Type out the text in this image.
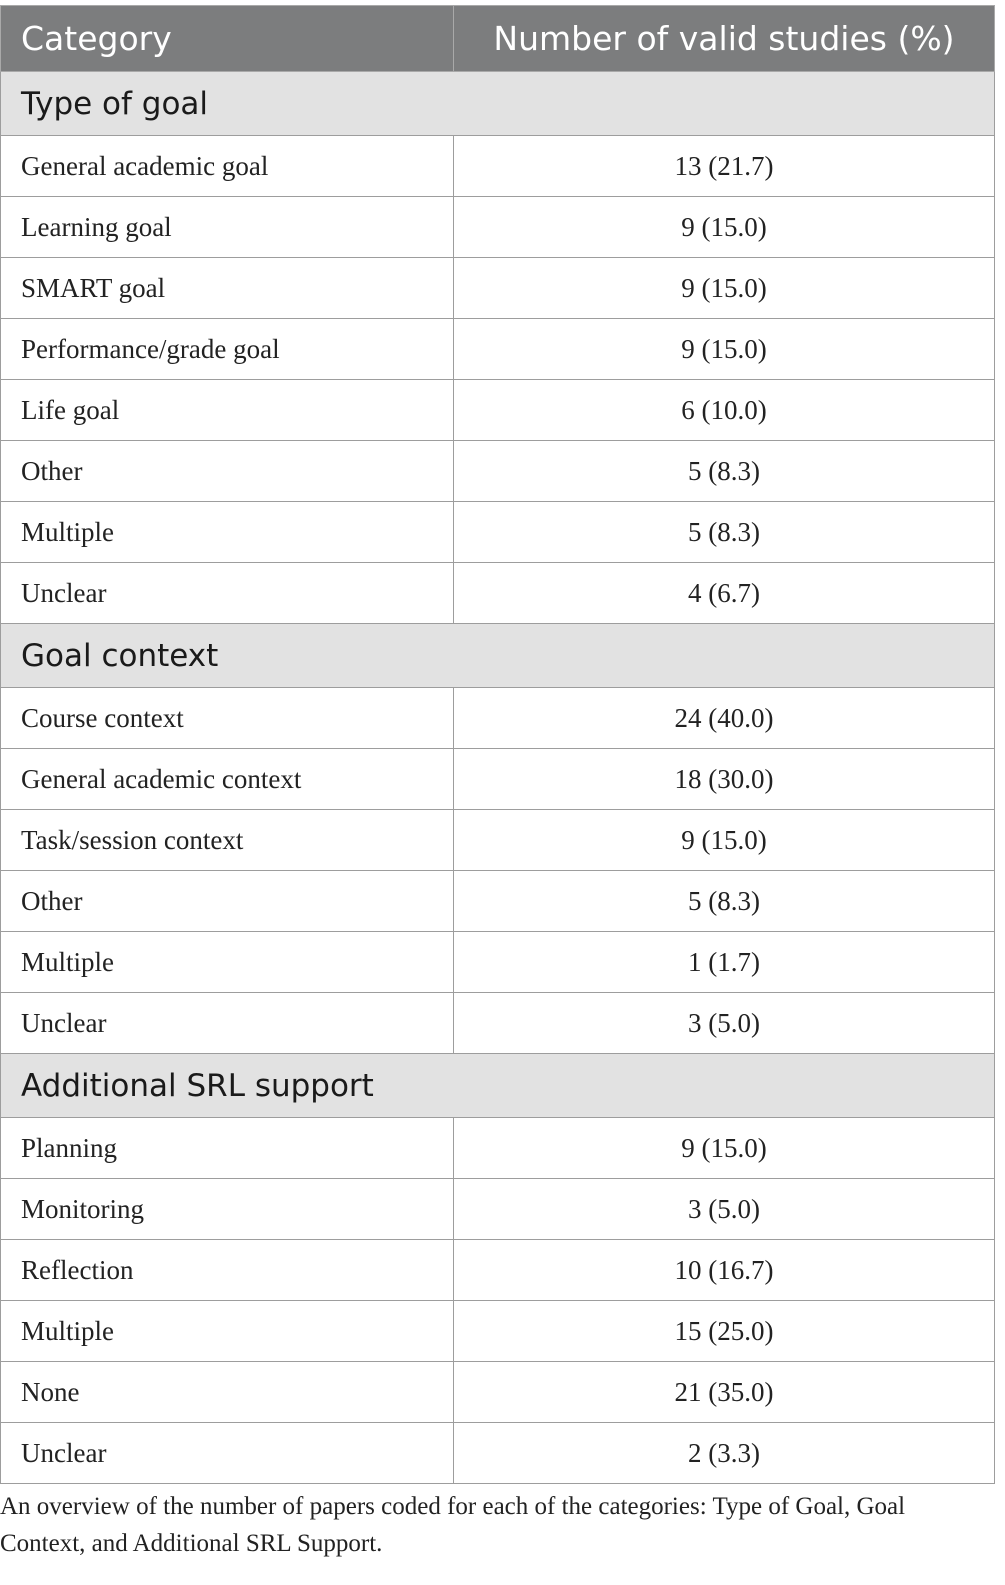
Category	Number of valid studies (%)
Type of goal	
General academic goal	13 (21.7)
Learning goal	9 (15.0)
SMART goal	9 (15.0)
Performance/grade goal	9 (15.0)
Life goal	6 (10.0)
Other	5 (8.3)
Multiple	5 (8.3)
Unclear	4 (6.7)
Goal context	
Course context	24 (40.0)
General academic context	18 (30.0)
Task/session context	9 (15.0)
Other	5 (8.3)
Multiple	1 (1.7)
Unclear	3 (5.0)
Additional SRL support	
Planning	9 (15.0)
Monitoring	3 (5.0)
Reflection	10 (16.7)
Multiple	15 (25.0)
None	21 (35.0)
Unclear	2 (3.3)

An overview of the number of papers coded for each of the categories: Type of Goal, Goal Context, and Additional SRL Support.
